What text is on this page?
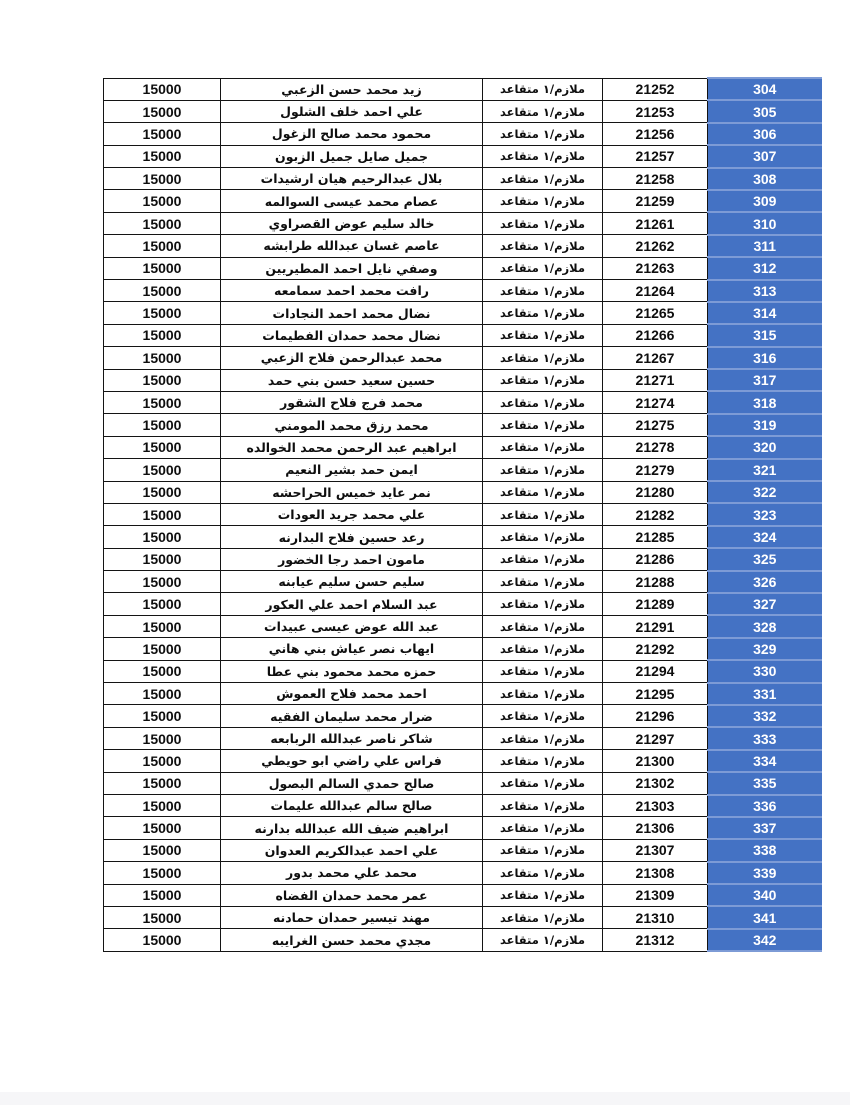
15000	زيد محمد حسن الزعبي	ملازم/١ متقاعد	21252	304
15000	علي احمد خلف الشلول	ملازم/١ متقاعد	21253	305
15000	محمود محمد صالح الزغول	ملازم/١ متقاعد	21256	306
15000	جميل صايل جميل الزبون	ملازم/١ متقاعد	21257	307
15000	بلال عبدالرحيم هيان ارشيدات	ملازم/١ متقاعد	21258	308
15000	عصام محمد عيسى السوالمه	ملازم/١ متقاعد	21259	309
15000	خالد سليم عوض القصراوي	ملازم/١ متقاعد	21261	310
15000	عاصم غسان عبدالله طرابشه	ملازم/١ متقاعد	21262	311
15000	وصفي نايل احمد المطيريين	ملازم/١ متقاعد	21263	312
15000	رافت محمد احمد سمامعه	ملازم/١ متقاعد	21264	313
15000	نضال محمد احمد النجادات	ملازم/١ متقاعد	21265	314
15000	نضال محمد حمدان الفطيمات	ملازم/١ متقاعد	21266	315
15000	محمد عبدالرحمن فلاح الزعبي	ملازم/١ متقاعد	21267	316
15000	حسين سعيد حسن بني حمد	ملازم/١ متقاعد	21271	317
15000	محمد فرج فلاح الشقور	ملازم/١ متقاعد	21274	318
15000	محمد رزق محمد المومني	ملازم/١ متقاعد	21275	319
15000	ابراهيم عبد الرحمن محمد الخوالده	ملازم/١ متقاعد	21278	320
15000	ايمن حمد بشير النعيم	ملازم/١ متقاعد	21279	321
15000	نمر عايد خميس الحراحشه	ملازم/١ متقاعد	21280	322
15000	علي محمد جريد العودات	ملازم/١ متقاعد	21282	323
15000	رعد حسين فلاح البدارنه	ملازم/١ متقاعد	21285	324
15000	مامون احمد رجا الخضور	ملازم/١ متقاعد	21286	325
15000	سليم حسن سليم عيابنه	ملازم/١ متقاعد	21288	326
15000	عبد السلام احمد علي العكور	ملازم/١ متقاعد	21289	327
15000	عبد الله عوض عيسى عبيدات	ملازم/١ متقاعد	21291	328
15000	ايهاب نصر عياش بني هاني	ملازم/١ متقاعد	21292	329
15000	حمزه محمد محمود بني عطا	ملازم/١ متقاعد	21294	330
15000	احمد محمد فلاح العموش	ملازم/١ متقاعد	21295	331
15000	ضرار محمد سليمان الفقيه	ملازم/١ متقاعد	21296	332
15000	شاكر ناصر عبدالله الربابعه	ملازم/١ متقاعد	21297	333
15000	فراس علي راضي ابو حويطي	ملازم/١ متقاعد	21300	334
15000	صالح حمدي السالم البصول	ملازم/١ متقاعد	21302	335
15000	صالح سالم عبدالله عليمات	ملازم/١ متقاعد	21303	336
15000	ابراهيم ضيف الله عبدالله بدارنه	ملازم/١ متقاعد	21306	337
15000	علي احمد عبدالكريم العدوان	ملازم/١ متقاعد	21307	338
15000	محمد علي محمد بدور	ملازم/١ متقاعد	21308	339
15000	عمر محمد حمدان الفضاه	ملازم/١ متقاعد	21309	340
15000	مهند تيسير حمدان حمادنه	ملازم/١ متقاعد	21310	341
15000	مجدي محمد حسن الغرايبه	ملازم/١ متقاعد	21312	342
